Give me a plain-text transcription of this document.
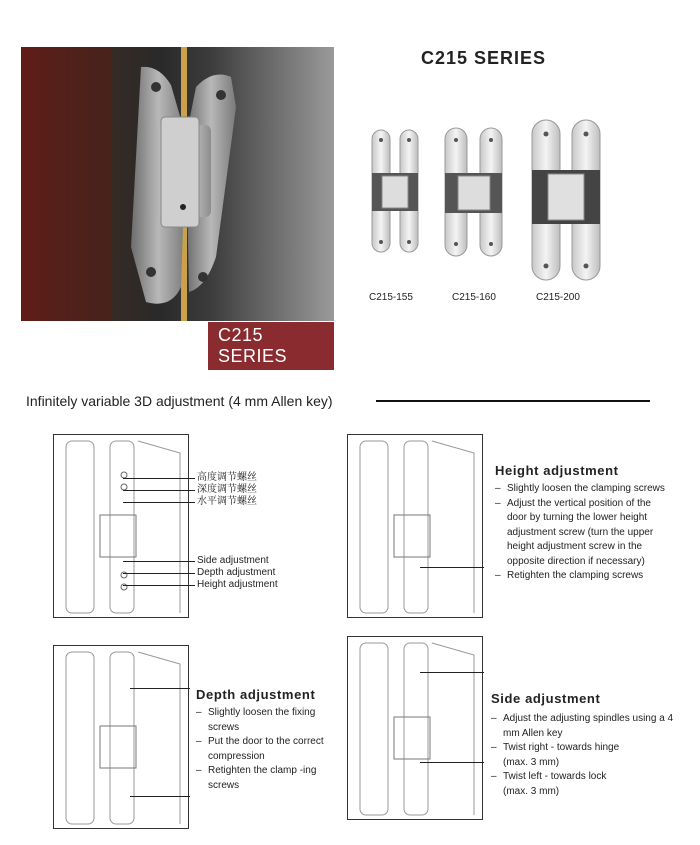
C215 SERIES
C215 SERIES
C215-155	C215-160	C215-200
Infinitely variable 3D adjustment (4 mm Allen key)
高度调节螺丝
深度调节螺丝
水平调节螺丝
Side adjustment
Depth adjustment
Height adjustment
Height adjustment
– Slightly loosen the clamping screws
– Adjust the vertical position of the door by turning the lower height adjustment screw (turn the upper height adjustment screw in the opposite direction if necessary)
– Retighten the clamping screws
Depth adjustment
– Slightly loosen the fixing screws
– Put the door to the correct compression
– Retighten the clamp -ing screws
Side adjustment
– Adjust the adjusting spindles using a 4 mm Allen key
– Twist right - towards hinge
(max. 3 mm)
– Twist left - towards lock
(max. 3 mm)
